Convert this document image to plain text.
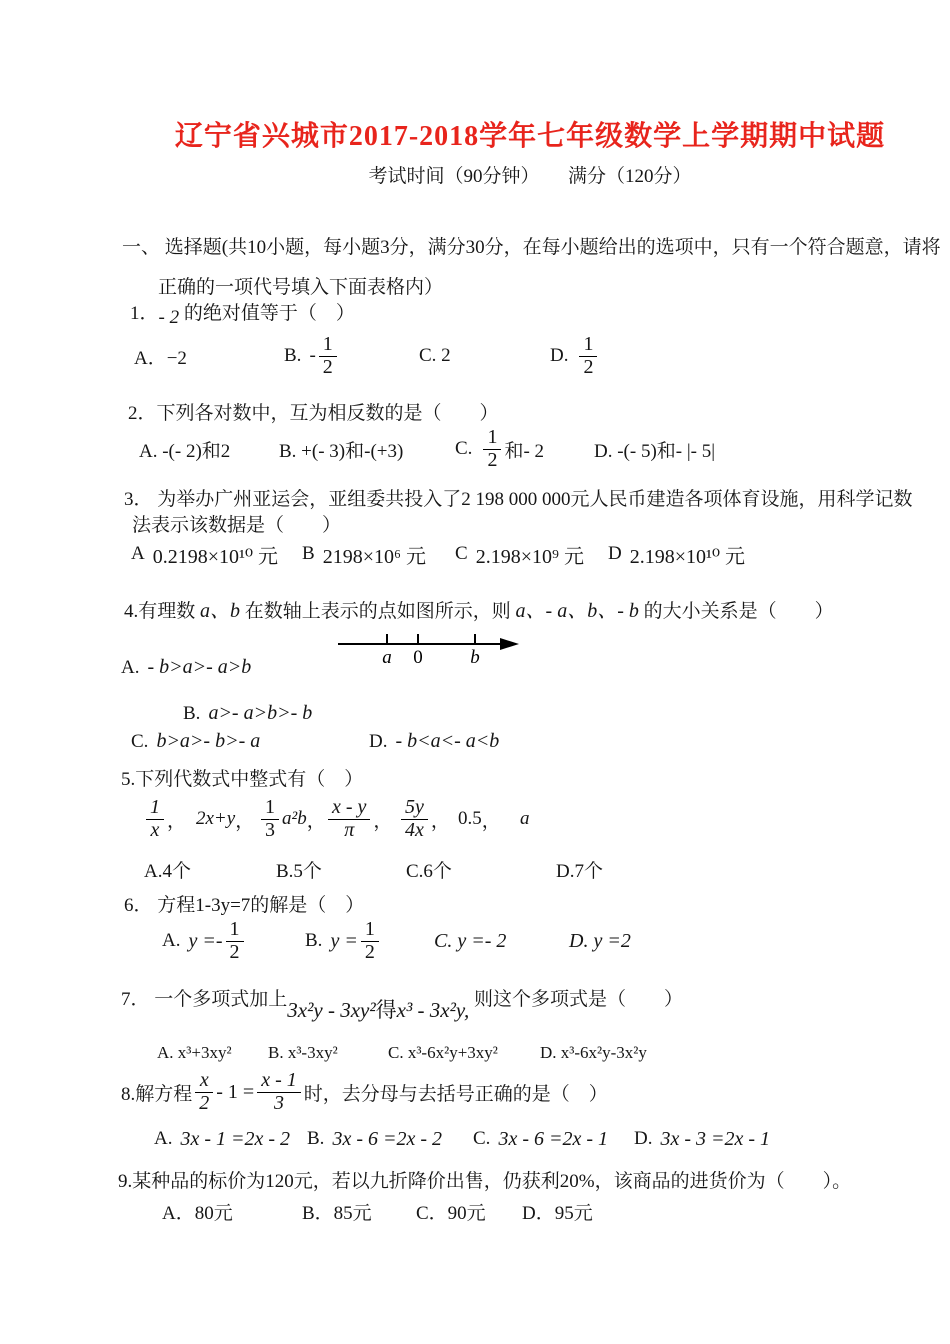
辽宁省兴城市2017-2018学年七年级数学上学期期中试题
考试时间（90分钟）　　满分（120分）
一、 选择题(共10小题，每小题3分，满分30分，在每小题给出的选项中，只有一个符合题意，请将
正确的一项代号填入下面表格内）
1．- 2 的绝对值等于（　）
A．−2	B. - $\frac{1}{2}$	C. 2	D. $\frac{1}{2}$
2．下列各对数中，互为相反数的是（　　）
A. -(- 2)和2	B. +(- 3)和-(+3)	C. $\frac{1}{2}$ 和- 2	D. -(- 5)和- |- 5|
3． 为举办广州亚运会，亚组委共投入了2 198 000 000元人民币建造各项体育设施，用科学记数
法表示该数据是（　　）
A 0.2198×10¹⁰ 元 B 2198×10⁶ 元 C 2.198×10⁹ 元 D 2.198×10¹⁰ 元
4.有理数 a、b 在数轴上表示的点如图所示，则 a、- a、b、- b 的大小关系是（　　）
a 0	b
A. - b>a>- a>b
B. a>- a>b>- b
C. b>a>- b>- a	D. - b<a<- a<b
5.下列代数式中整式有（　）
$\frac{1}{x}$ ， 2x+y ， $\frac{1}{3} a^2b$ ， $\frac{x - y}{\pi}$ ， $\frac{5y}{4x}$ ， 0.5 ， a
A.4个	B.5个	C.6个	D.7个
6． 方程1-3y=7的解是（　）
A. $y =- \frac{1}{2}$	B. $y = \frac{1}{2}$	C. y =- 2	D. y =2
7． 一个多项式加上3x²y - 3xy²得x³ - 3x²y, 则这个多项式是（　　）
A. x³+3xy² B. x³-3xy²	C. x³-6x²y+3xy² D. x³-6x²y-3x²y
8.解方程 $\frac{x}{2} - 1 = \frac{x - 1}{3}$ 时，去分母与去括号正确的是（　）
A. 3x - 1 =2x - 2 B. 3x - 6 =2x - 2 C. 3x - 6 =2x - 1 D. 3x - 3 =2x - 1
9.某种品的标价为120元，若以九折降价出售，仍获利20%，该商品的进货价为（　　）。
A．80元	B．85元 C．90元 D．95元
